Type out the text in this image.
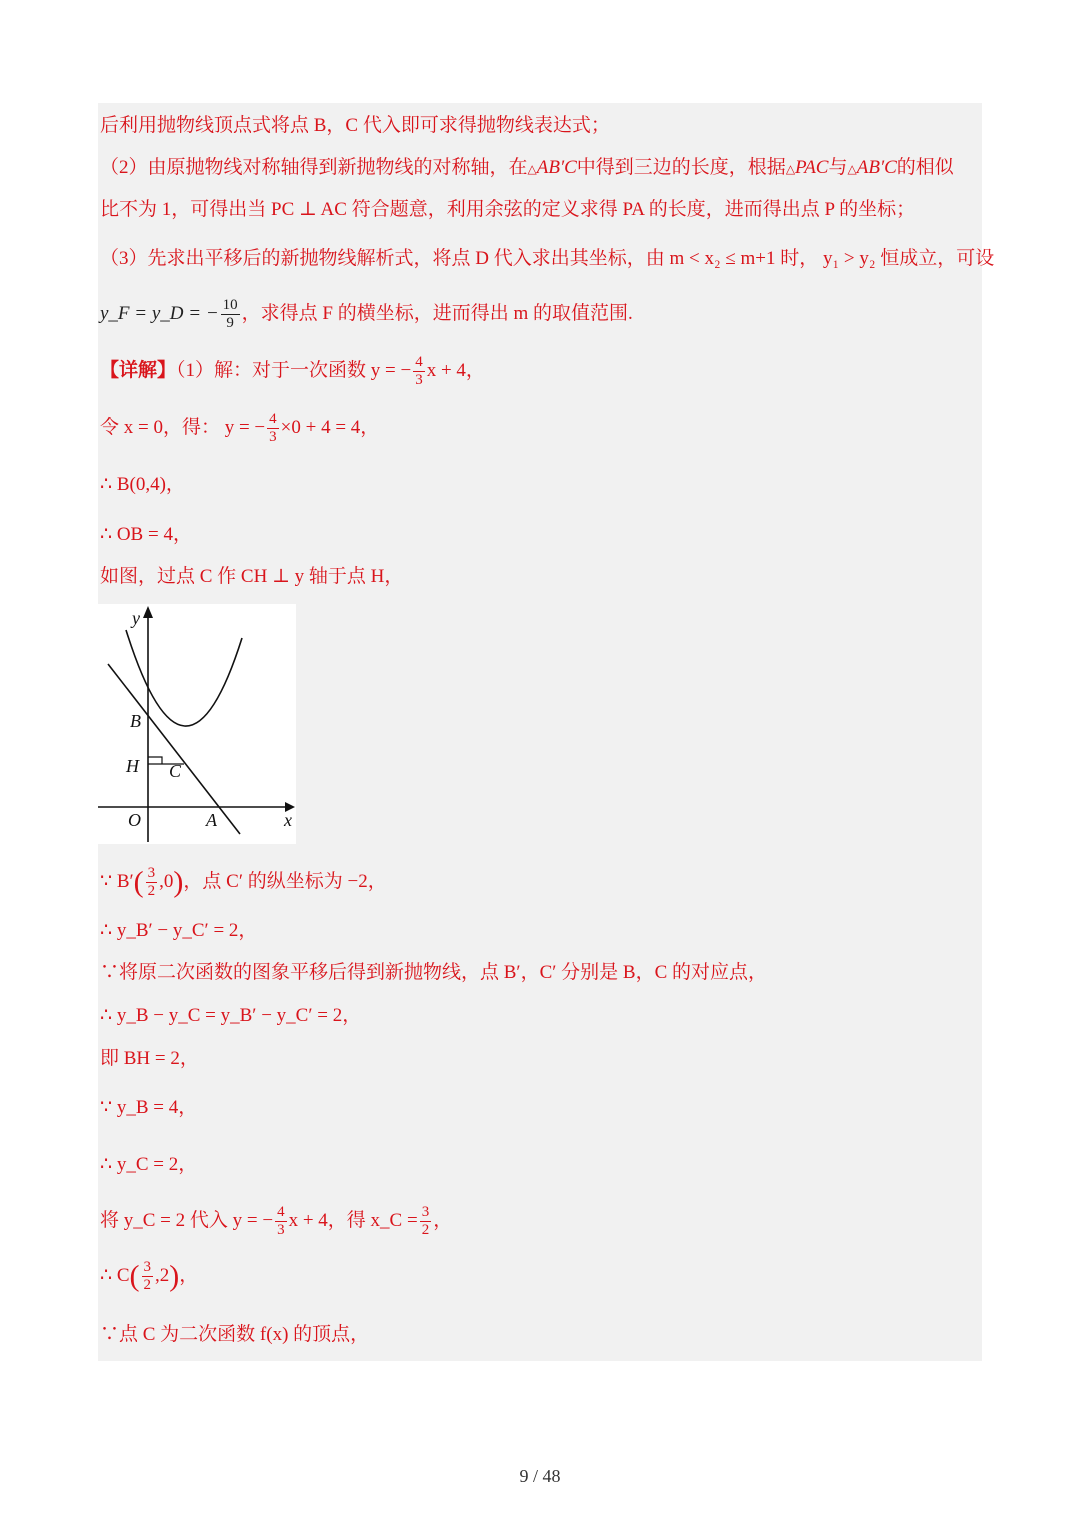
后利用抛物线顶点式将点 B，C 代入即可求得抛物线表达式；
（2）由原抛物线对称轴得到新抛物线的对称轴，在△AB′C中得到三边的长度，根据△PAC与△AB′C的相似
比不为 1，可得出当 PC ⊥ AC 符合题意，利用余弦的定义求得 PA 的长度，进而得出点 P 的坐标；
（3）先求出平移后的新抛物线解析式，将点 D 代入求出其坐标，由 m < x₂ ≤ m+1 时， y₁ > y₂ 恒成立，可设
y_F = y_D = − $\frac{10}{9}$ ，求得点 F 的横坐标，进而得出 m 的取值范围.
【详解】（1）解：对于一次函数 y = − $\frac{4}{3}$ x + 4，
令 x = 0，得： y = − $\frac{4}{3} \times 0 + 4 = 4$，
∴ B(0,4)，
∴ OB = 4，
如图，过点 C 作 CH ⊥ y 轴于点 H，
y
x
B
H C
O	A
∵ $B'( \frac{3}{2} ,0)$，点 C′ 的纵坐标为 −2，
∴ y_B′ − y_C′ = 2，
∵将原二次函数的图象平移后得到新抛物线，点 B′，C′ 分别是 B，C 的对应点，
∴ y_B − y_C = y_B′ − y_C′ = 2，
即 BH = 2，
∵ y_B = 4，
∴ y_C = 2，
将 y_C = 2 代入 y = − $\frac{4}{3}$ x + 4，得 x_C = $\frac{3}{2}$ ，
∴ $C( \frac{3}{2} ,2)$，
∵点 C 为二次函数 f(x) 的顶点，
9 / 48
